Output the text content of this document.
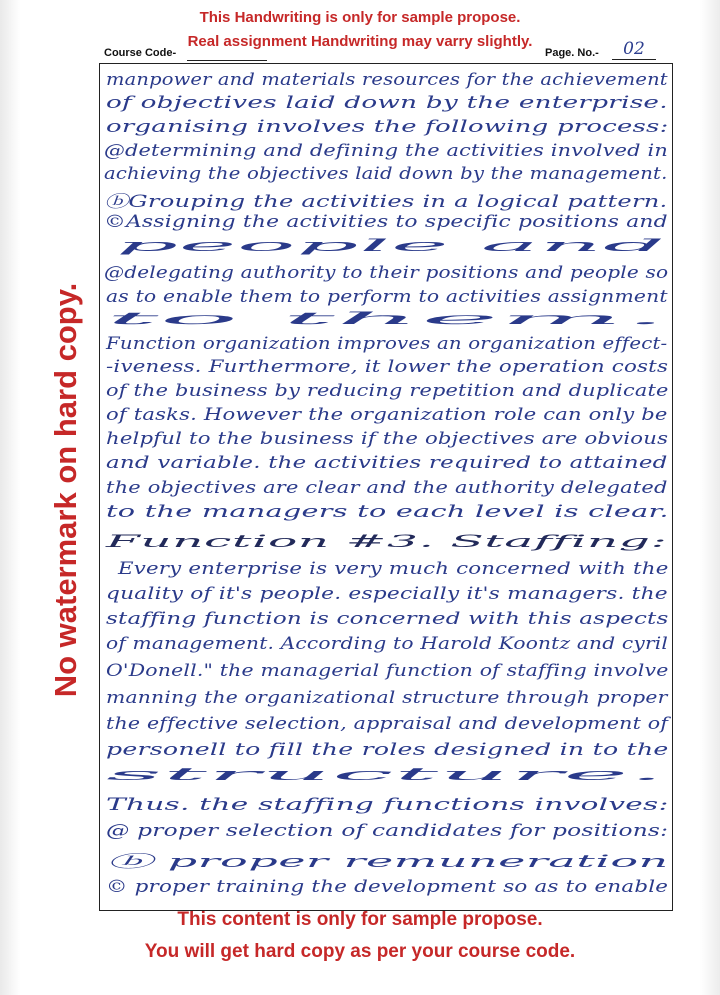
This Handwriting is only for sample propose.
Real assignment Handwriting may varry slightly.
Course Code-	Page. No.-	02
No watermark on hard copy.
manpower and materials resources for the achievement
of objectives laid down by the enterprise.
organising involves the following process:
@determining and defining the activities involved in
achieving the objectives laid down by the management.
ⓑGrouping the activities in a logical pattern.
©Assigning the activities to specific positions and
people and
@delegating authority to their positions and people so
as to enable them to perform to activities assignment
to them.
Function organization improves an organization effect-
-iveness. Furthermore, it lower the operation costs
of the business by reducing repetition and duplicate
of tasks. However the organization role can only be
helpful to the business if the objectives are obvious
and variable. the activities required to attained
the objectives are clear and the authority delegated
to the managers to each level is clear.
Function #3. Staffing:
Every enterprise is very much concerned with the
quality of it's people. especially it's managers. the
staffing function is concerned with this aspects
of management. According to Harold Koontz and cyril
O'Donell." the managerial function of staffing involve
manning the organizational structure through proper
the effective selection, appraisal and development of
personell to fill the roles designed in to the
structure.
Thus. the staffing functions involves:
@ proper selection of candidates for positions:
ⓑ proper remuneration
© proper training the development so as to enable
This content is only for sample propose.
You will get hard copy as per your course code.
